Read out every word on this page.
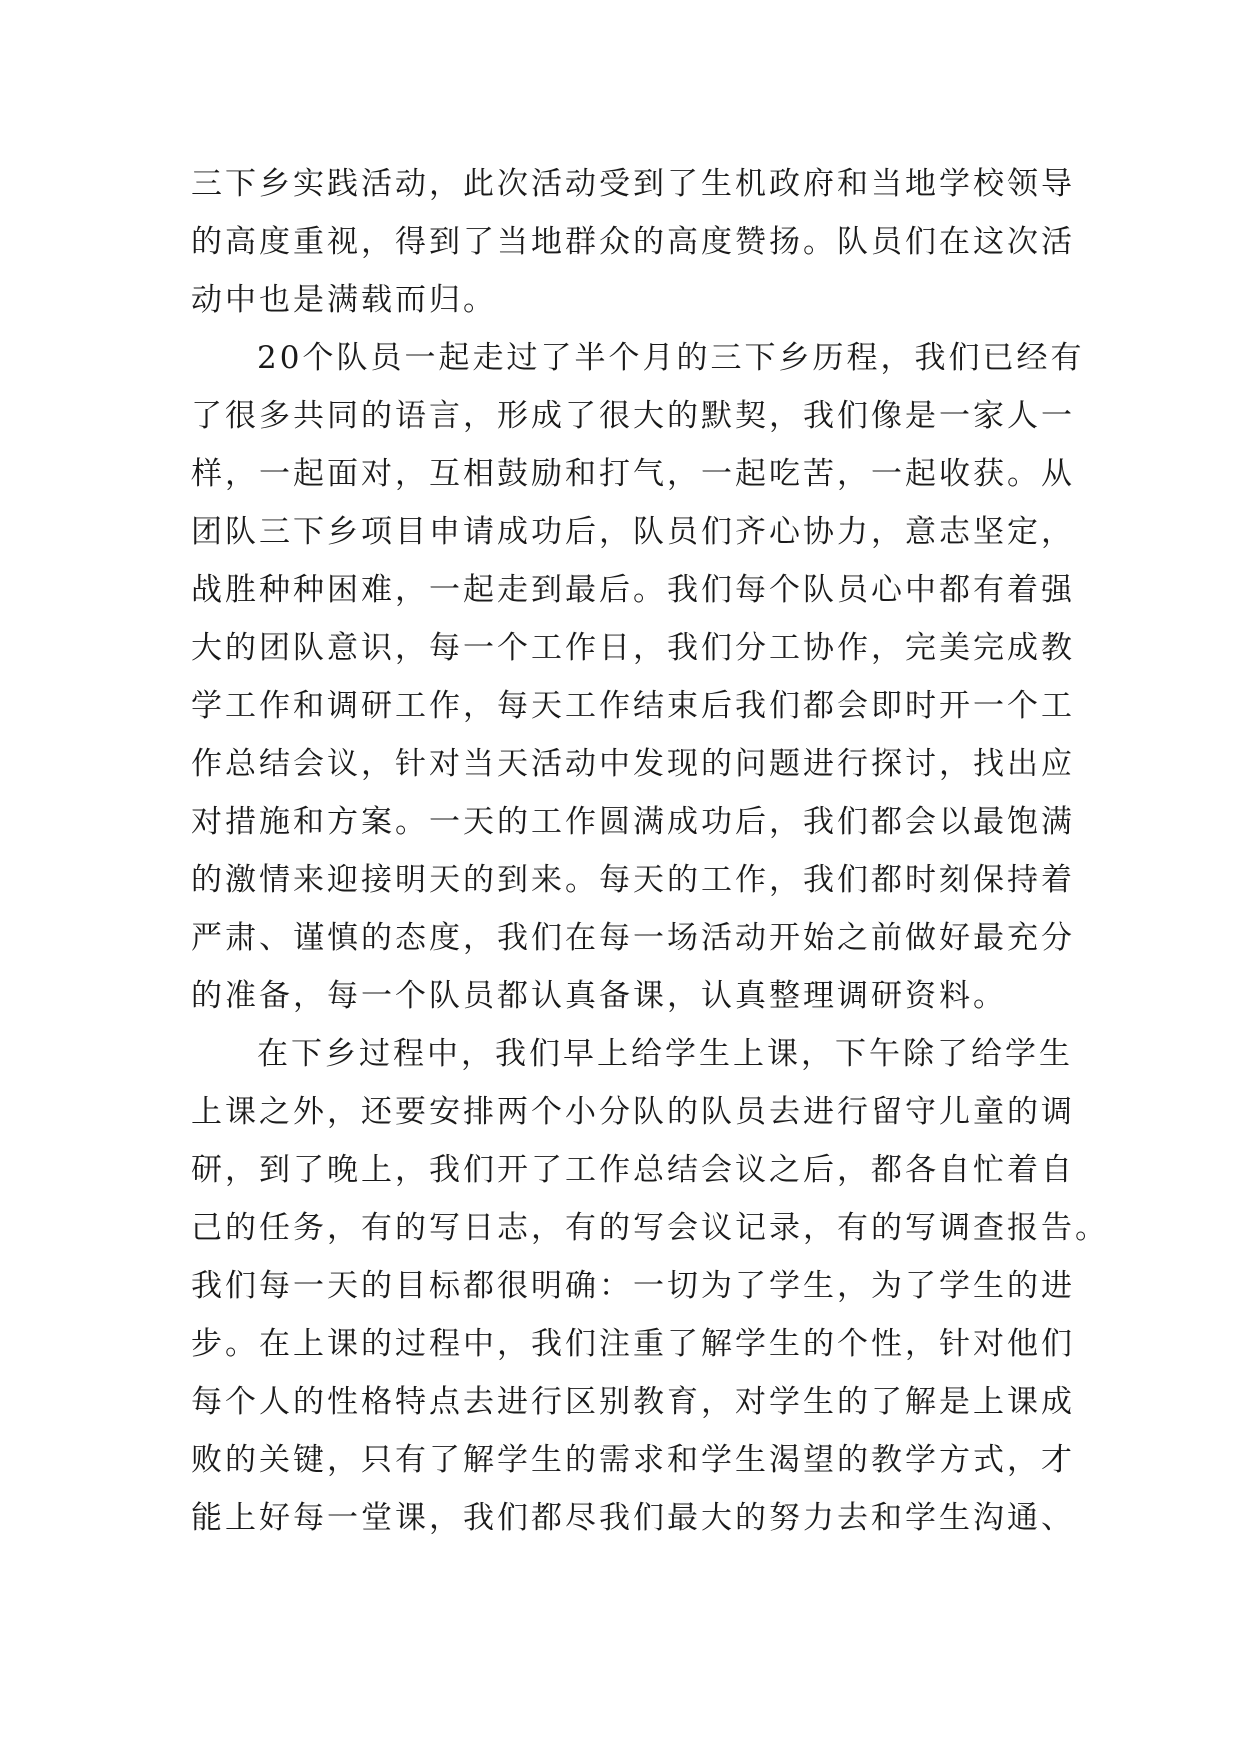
三下乡实践活动，此次活动受到了生机政府和当地学校领导
的高度重视，得到了当地群众的高度赞扬。队员们在这次活
动中也是满载而归。
20个队员一起走过了半个月的三下乡历程，我们已经有
了很多共同的语言，形成了很大的默契，我们像是一家人一
样，一起面对，互相鼓励和打气，一起吃苦，一起收获。从
团队三下乡项目申请成功后，队员们齐心协力，意志坚定，
战胜种种困难，一起走到最后。我们每个队员心中都有着强
大的团队意识，每一个工作日，我们分工协作，完美完成教
学工作和调研工作，每天工作结束后我们都会即时开一个工
作总结会议，针对当天活动中发现的问题进行探讨，找出应
对措施和方案。一天的工作圆满成功后，我们都会以最饱满
的激情来迎接明天的到来。每天的工作，我们都时刻保持着
严肃、谨慎的态度，我们在每一场活动开始之前做好最充分
的准备，每一个队员都认真备课，认真整理调研资料。
在下乡过程中，我们早上给学生上课，下午除了给学生
上课之外，还要安排两个小分队的队员去进行留守儿童的调
研，到了晚上，我们开了工作总结会议之后，都各自忙着自
己的任务，有的写日志，有的写会议记录，有的写调查报告。
我们每一天的目标都很明确：一切为了学生，为了学生的进
步。在上课的过程中，我们注重了解学生的个性，针对他们
每个人的性格特点去进行区别教育，对学生的了解是上课成
败的关键，只有了解学生的需求和学生渴望的教学方式，才
能上好每一堂课，我们都尽我们最大的努力去和学生沟通、
